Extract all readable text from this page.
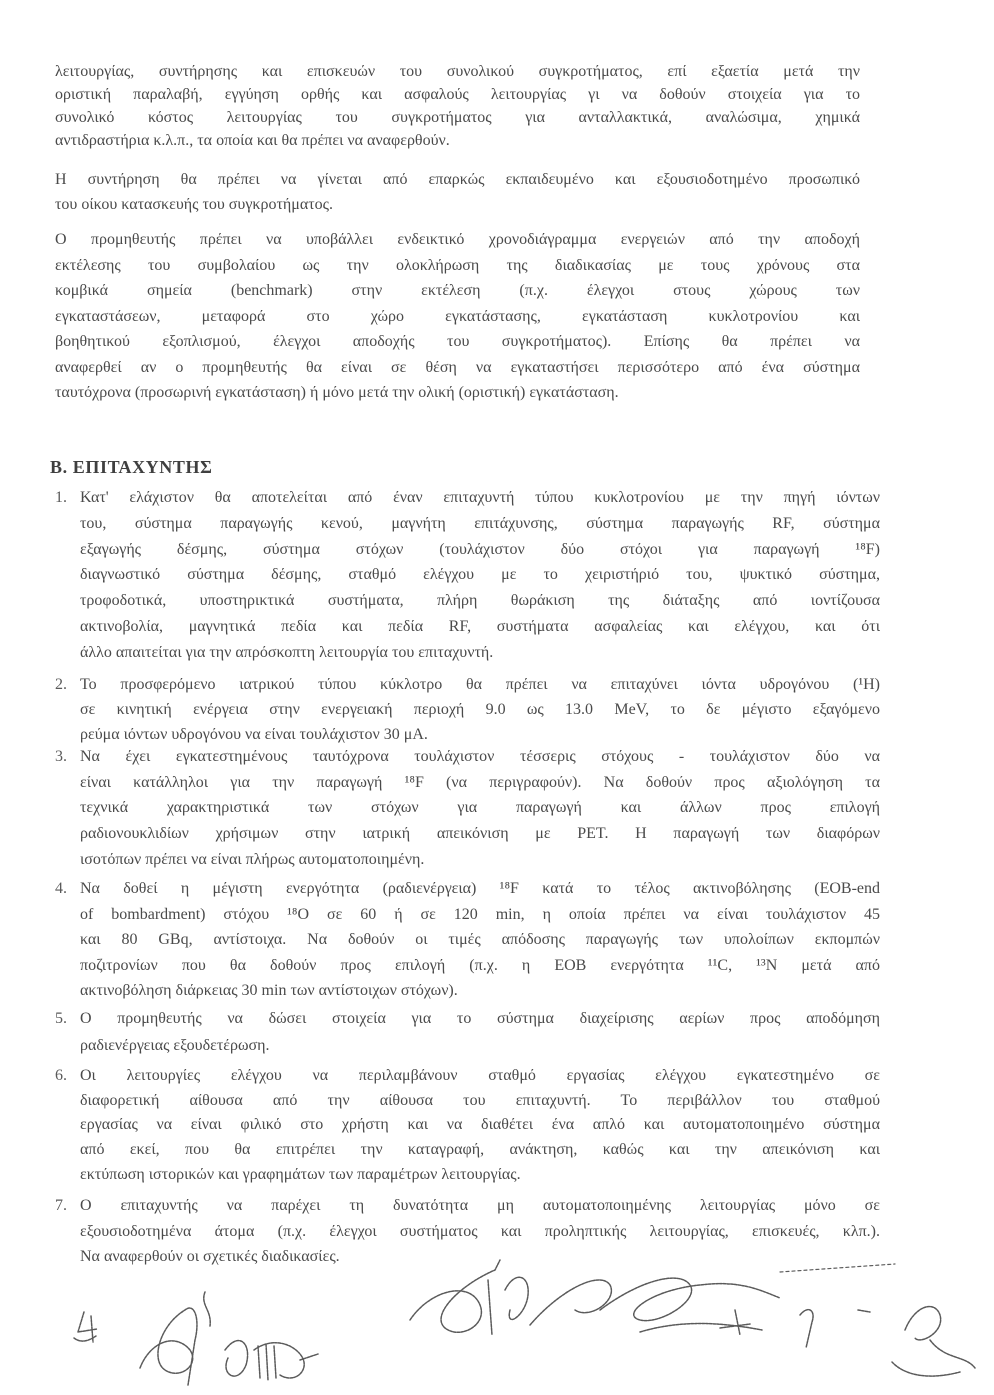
λειτουργίας, συντήρησης και επισκευών του συνολικού συγκροτήματος, επί εξαετία μετά την
οριστική παραλαβή, εγγύηση ορθής και ασφαλούς λειτουργίας γι να δοθούν στοιχεία για το
συνολικό κόστος λειτουργίας του συγκροτήματος για ανταλλακτικά, αναλώσιμα, χημικά
αντιδραστήρια κ.λ.π., τα οποία και θα πρέπει να αναφερθούν.
Η συντήρηση θα πρέπει να γίνεται από επαρκώς εκπαιδευμένο και εξουσιοδοτημένο προσωπικό
του οίκου κατασκευής του συγκροτήματος.
Ο προμηθευτής πρέπει να υποβάλλει ενδεικτικό χρονοδιάγραμμα ενεργειών από την αποδοχή
εκτέλεσης του συμβολαίου ως την ολοκλήρωση της διαδικασίας με τους χρόνους στα
κομβικά σημεία (benchmark) στην εκτέλεση (π.χ. έλεγχοι στους χώρους των
εγκαταστάσεων, μεταφορά στο χώρο εγκατάστασης, εγκατάσταση κυκλοτρονίου και
βοηθητικού εξοπλισμού, έλεγχοι αποδοχής του συγκροτήματος). Επίσης θα πρέπει να
αναφερθεί αν ο προμηθευτής θα είναι σε θέση να εγκαταστήσει περισσότερο από ένα σύστημα
ταυτόχρονα (προσωρινή εγκατάσταση) ή μόνο μετά την ολική (οριστική) εγκατάσταση.
Β. ΕΠΙΤΑΧΥΝΤΗΣ
1. Κατ' ελάχιστον θα αποτελείται από έναν επιταχυντή τύπου κυκλοτρονίου με την πηγή ιόντων
του, σύστημα παραγωγής κενού, μαγνήτη επιτάχυνσης, σύστημα παραγωγής RF, σύστημα
εξαγωγής δέσμης, σύστημα στόχων (τουλάχιστον δύο στόχοι για παραγωγή ¹⁸F)
διαγνωστικό σύστημα δέσμης, σταθμό ελέγχου με το χειριστήριό του, ψυκτικό σύστημα,
τροφοδοτικά, υποστηρικτικά συστήματα, πλήρη θωράκιση της διάταξης από ιοντίζουσα
ακτινοβολία, μαγνητικά πεδία και πεδία RF, συστήματα ασφαλείας και ελέγχου, και ότι
άλλο απαιτείται για την απρόσκοπτη λειτουργία του επιταχυντή.
2. Το προσφερόμενο ιατρικού τύπου κύκλοτρο θα πρέπει να επιταχύνει ιόντα υδρογόνου (¹H)
σε κινητική ενέργεια στην ενεργειακή περιοχή 9.0 ως 13.0 MeV, το δε μέγιστο εξαγόμενο
ρεύμα ιόντων υδρογόνου να είναι τουλάχιστον 30 μA.
3. Να έχει εγκατεστημένους ταυτόχρονα τουλάχιστον τέσσερις στόχους - τουλάχιστον δύο να
είναι κατάλληλοι για την παραγωγή ¹⁸F (να περιγραφούν). Να δοθούν προς αξιολόγηση τα
τεχνικά χαρακτηριστικά των στόχων για παραγωγή και άλλων προς επιλογή
ραδιονουκλιδίων χρήσιμων στην ιατρική απεικόνιση με PET. Η παραγωγή των διαφόρων
ισοτόπων πρέπει να είναι πλήρως αυτοματοποιημένη.
4. Να δοθεί η μέγιστη ενεργότητα (ραδιενέργεια) ¹⁸F κατά το τέλος ακτινοβόλησης (EOB-end
of bombardment) στόχου ¹⁸O σε 60 ή σε 120 min, η οποία πρέπει να είναι τουλάχιστον 45
και 80 GBq, αντίστοιχα. Να δοθούν οι τιμές απόδοσης παραγωγής των υπολοίπων εκπομπών
ποζιτρονίων που θα δοθούν προς επιλογή (π.χ. η EOB ενεργότητα ¹¹C, ¹³N μετά από
ακτινοβόληση διάρκειας 30 min των αντίστοιχων στόχων).
5. Ο προμηθευτής να δώσει στοιχεία για το σύστημα διαχείρισης αερίων προς αποδόμηση
ραδιενέργειας εξουδετέρωση.
6. Οι λειτουργίες ελέγχου να περιλαμβάνουν σταθμό εργασίας ελέγχου εγκατεστημένο σε
διαφορετική αίθουσα από την αίθουσα του επιταχυντή. Το περιβάλλον του σταθμού
εργασίας να είναι φιλικό στο χρήστη και να διαθέτει ένα απλό και αυτοματοποιημένο σύστημα
από εκεί, που θα επιτρέπει την καταγραφή, ανάκτηση, καθώς και την απεικόνιση και
εκτύπωση ιστορικών και γραφημάτων των παραμέτρων λειτουργίας.
7. Ο επιταχυντής να παρέχει τη δυνατότητα μη αυτοματοποιημένης λειτουργίας μόνο σε
εξουσιοδοτημένα άτομα (π.χ. έλεγχοι συστήματος και προληπτικής λειτουργίας, επισκευές, κλπ.).
Να αναφερθούν οι σχετικές διαδικασίες.
